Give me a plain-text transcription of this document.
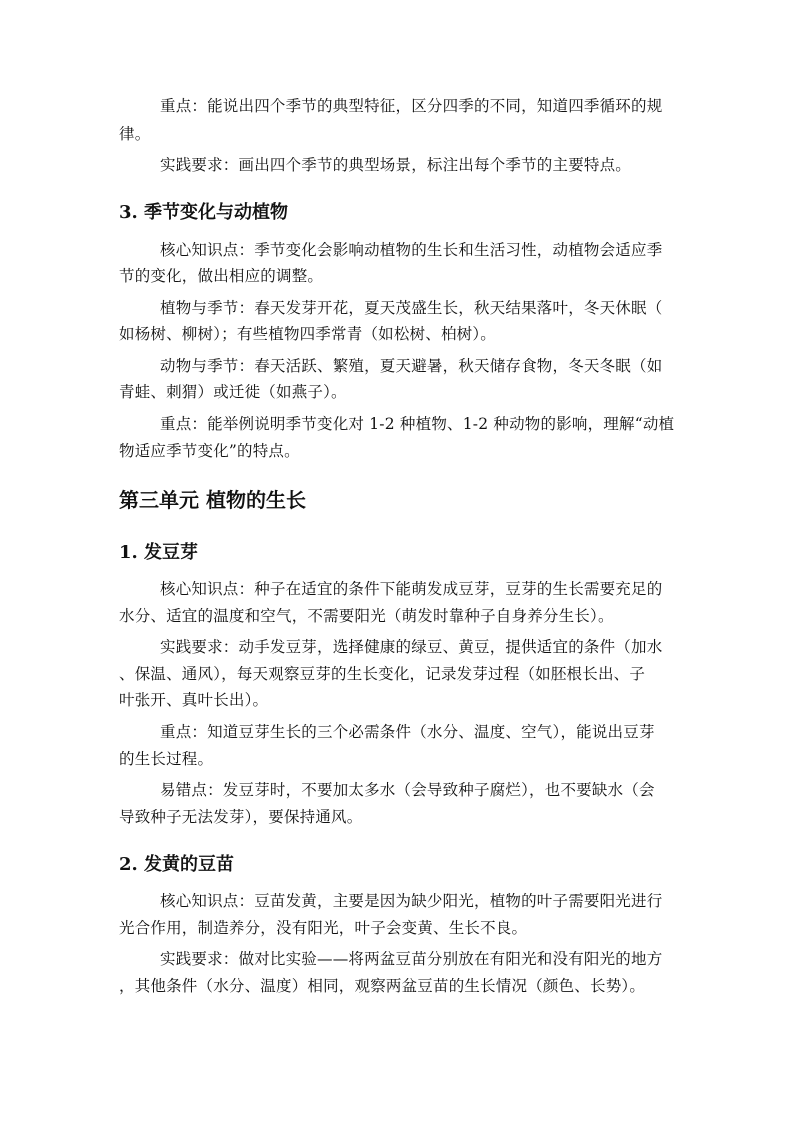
重点：能说出四个季节的典型特征，区分四季的不同，知道四季循环的规
律。
实践要求：画出四个季节的典型场景，标注出每个季节的主要特点。
3. 季节变化与动植物
核心知识点：季节变化会影响动植物的生长和生活习性，动植物会适应季
节的变化，做出相应的调整。
植物与季节：春天发芽开花，夏天茂盛生长，秋天结果落叶，冬天休眠（
如杨树、柳树）；有些植物四季常青（如松树、柏树）。
动物与季节：春天活跃、繁殖，夏天避暑，秋天储存食物，冬天冬眠（如
青蛙、刺猬）或迁徙（如燕子）。
重点：能举例说明季节变化对 1-2 种植物、1-2 种动物的影响，理解“动植
物适应季节变化”的特点。
第三单元 植物的生长
1. 发豆芽
核心知识点：种子在适宜的条件下能萌发成豆芽，豆芽的生长需要充足的
水分、适宜的温度和空气，不需要阳光（萌发时靠种子自身养分生长）。
实践要求：动手发豆芽，选择健康的绿豆、黄豆，提供适宜的条件（加水
、保温、通风），每天观察豆芽的生长变化，记录发芽过程（如胚根长出、子
叶张开、真叶长出）。
重点：知道豆芽生长的三个必需条件（水分、温度、空气），能说出豆芽
的生长过程。
易错点：发豆芽时，不要加太多水（会导致种子腐烂），也不要缺水（会
导致种子无法发芽），要保持通风。
2. 发黄的豆苗
核心知识点：豆苗发黄，主要是因为缺少阳光，植物的叶子需要阳光进行
光合作用，制造养分，没有阳光，叶子会变黄、生长不良。
实践要求：做对比实验——将两盆豆苗分别放在有阳光和没有阳光的地方
，其他条件（水分、温度）相同，观察两盆豆苗的生长情况（颜色、长势）。
